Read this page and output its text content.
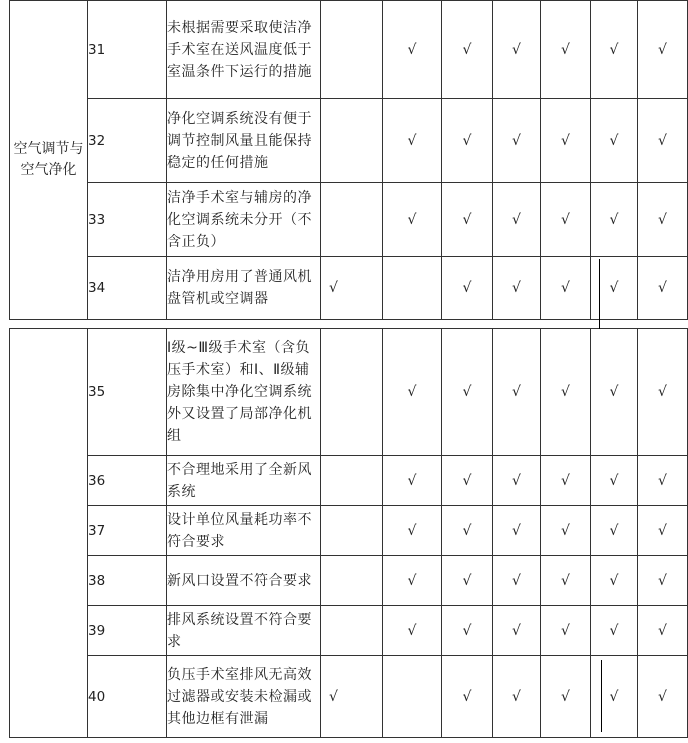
空气调节与空气净化	31	未根据需要采取使洁净手术室在送风温度低于室温条件下运行的措施		√	√	√	√	√	√
	32	净化空调系统没有便于调节控制风量且能保持稳定的任何措施		√	√	√	√	√	√
	33	洁净手术室与辅房的净化空调系统未分开（不含正负）		√	√	√	√	√	√
	34	洁净用房用了普通风机盘管机或空调器	√		√	√	√	√	√
	35	Ⅰ级~Ⅲ级手术室（含负压手术室）和Ⅰ、Ⅱ级辅房除集中净化空调系统外又设置了局部净化机组		√	√	√	√	√	√
	36	不合理地采用了全新风系统		√	√	√	√	√	√
	37	设计单位风量耗功率不符合要求		√	√	√	√	√	√
	38	新风口设置不符合要求		√	√	√	√	√	√
	39	排风系统设置不符合要求		√	√	√	√	√	√
	40	负压手术室排风无高效过滤器或安装未检漏或其他边框有泄漏	√		√	√	√	√	√
